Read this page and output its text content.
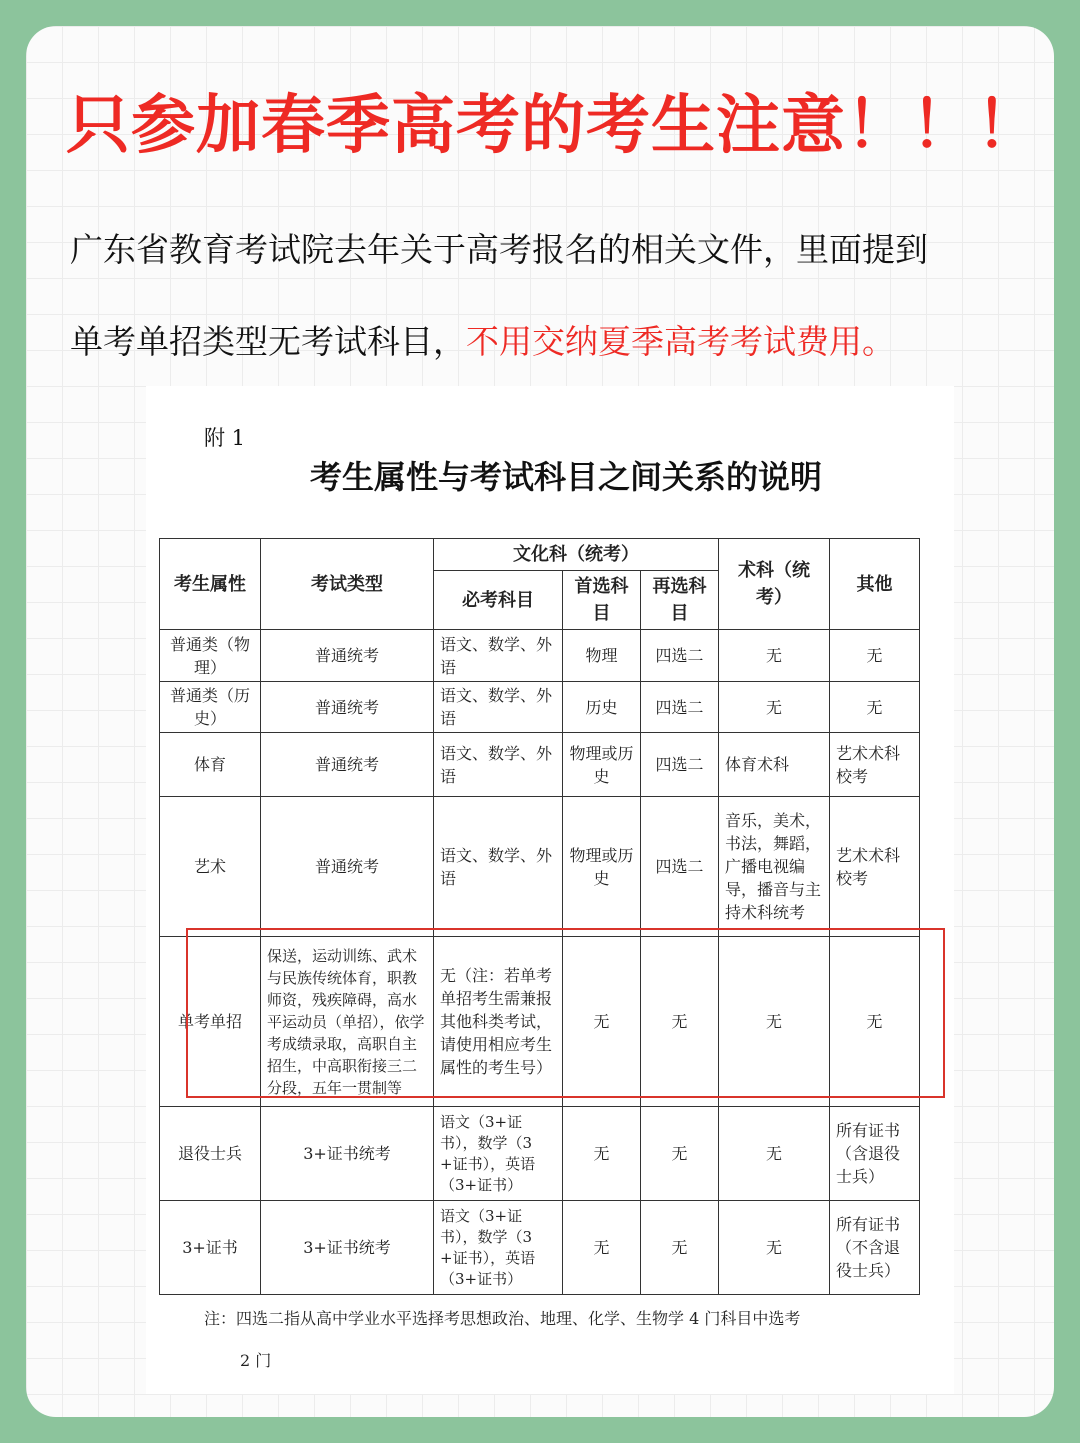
只参加春季高考的考生注意！！！
广东省教育考试院去年关于高考报名的相关文件，里面提到
单考单招类型无考试科目，不用交纳夏季高考考试费用。
附 1
考生属性与考试科目之间关系的说明
考生属性	考试类型	文化科（统考）			术科（统考）	其他
		必考科目	首选科目	再选科目		
普通类（物理）	普通统考	语文、数学、外语	物理	四选二	无	无
普通类（历史）	普通统考	语文、数学、外语	历史	四选二	无	无
体育	普通统考	语文、数学、外语	物理或历史	四选二	体育术科	艺术术科校考
艺术	普通统考	语文、数学、外语	物理或历史	四选二	音乐，美术，书法，舞蹈，广播电视编导，播音与主持术科统考	艺术术科校考
单考单招	保送，运动训练、武术与民族传统体育，职教师资，残疾障碍，高水平运动员（单招），依学考成绩录取，高职自主招生，中高职衔接三二分段，五年一贯制等	无（注：若单考单招考生需兼报其他科类考试，请使用相应考生属性的考生号）	无	无	无	无
退役士兵	3+证书统考	语文（3+证书），数学（3+证书），英语（3+证书）	无	无	无	所有证书（含退役士兵）
3+证书	3+证书统考	语文（3+证书），数学（3+证书），英语（3+证书）	无	无	无	所有证书（不含退役士兵）
注：四选二指从高中学业水平选择考思想政治、地理、化学、生物学 4 门科目中选考
2 门
